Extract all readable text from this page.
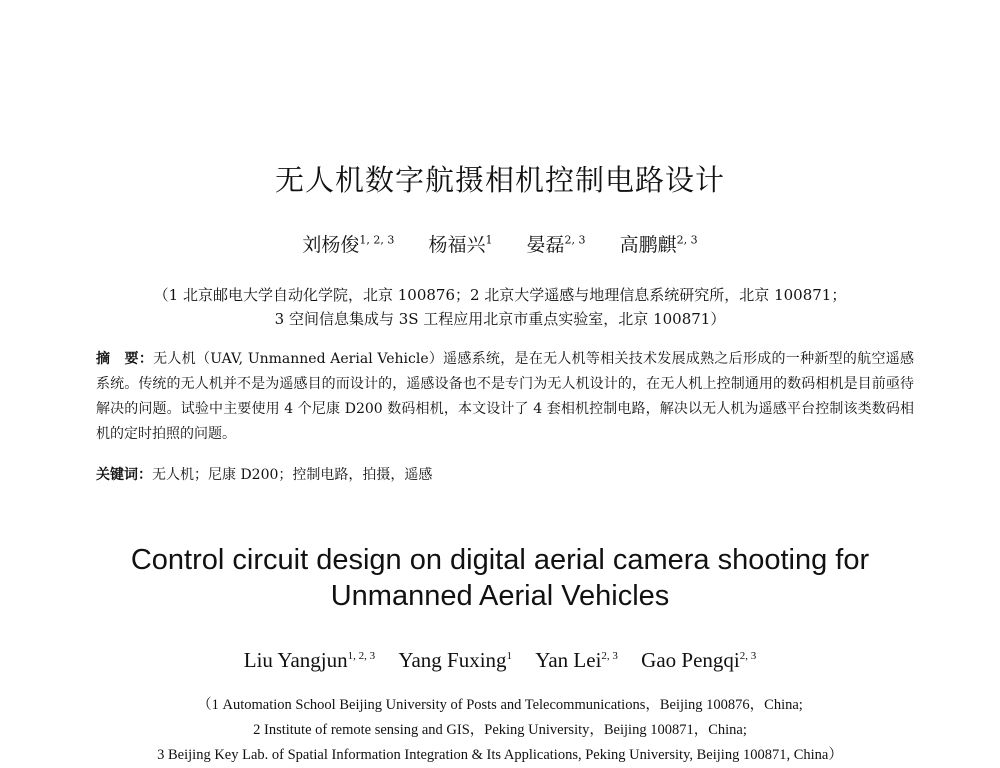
无人机数字航摄相机控制电路设计
刘杨俊$^{1, 2, 3}$ 杨福兴$^1$ 晏磊$^{2, 3}$ 高鹏麒$^{2, 3}$
（1 北京邮电大学自动化学院，北京 100876；2 北京大学遥感与地理信息系统研究所，北京 100871；
3 空间信息集成与 3S 工程应用北京市重点实验室，北京 100871）
摘　要：无人机（UAV, Unmanned Aerial Vehicle）遥感系统，是在无人机等相关技术发展成熟之后形成的一种新型的航空遥感系统。传统的无人机并不是为遥感目的而设计的，遥感设备也不是专门为无人机设计的，在无人机上控制通用的数码相机是目前亟待解决的问题。试验中主要使用 4 个尼康 D200 数码相机，本文设计了 4 套相机控制电路，解决以无人机为遥感平台控制该类数码相机的定时拍照的问题。
关键词：无人机；尼康 D200；控制电路，拍摄，遥感
Control circuit design on digital aerial camera shooting for
Unmanned Aerial Vehicles
Liu Yangjun$^{1, 2, 3}$ Yang Fuxing$^1$ Yan Lei$^{2, 3}$ Gao Pengqi$^{2, 3}$
（1 Automation School Beijing University of Posts and Telecommunications，Beijing 100876，China;
2 Institute of remote sensing and GIS，Peking University，Beijing 100871，China;
3 Beijing Key Lab. of Spatial Information Integration & Its Applications, Peking University, Beijing 100871, China）
